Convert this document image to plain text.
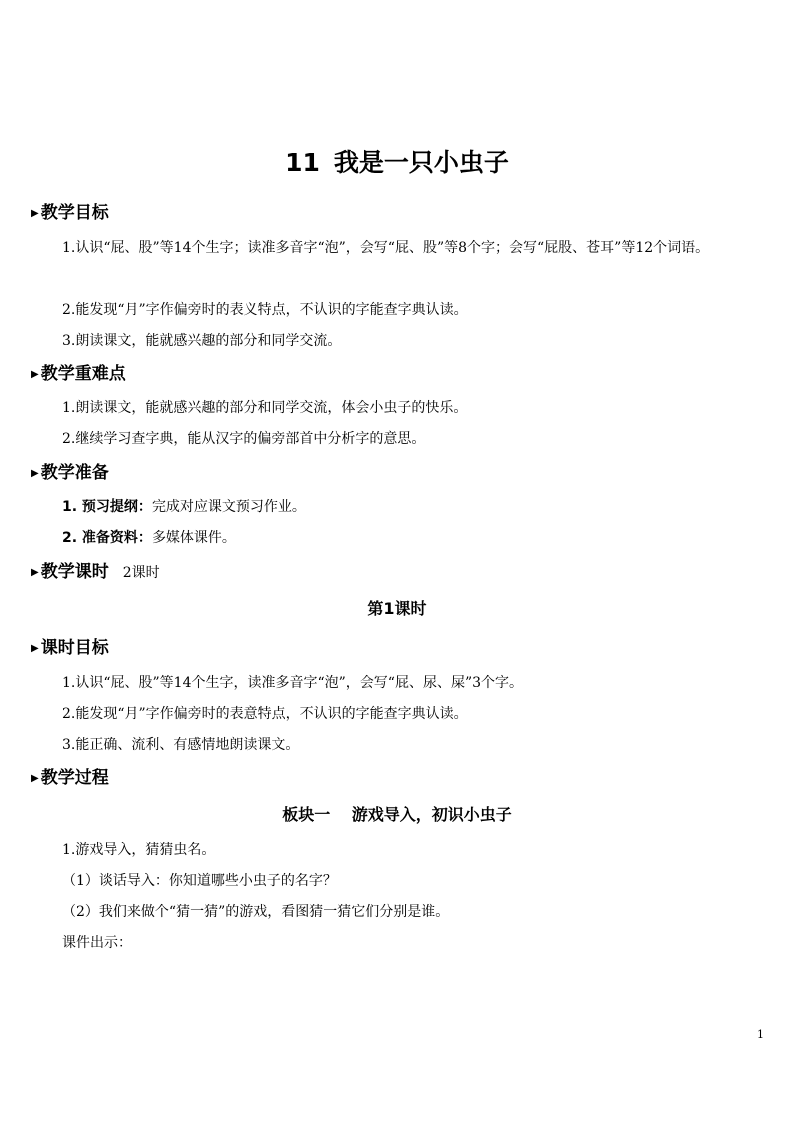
11 我是一只小虫子
▶ 教学目标
1.认识“屁、股”等14个生字；读准多音字“泡”，会写“屁、股”等8个字；会写“屁股、苍耳”等12个词语。
2.能发现“月”字作偏旁时的表义特点，不认识的字能查字典认读。
3.朗读课文，能就感兴趣的部分和同学交流。
▶ 教学重难点
1.朗读课文，能就感兴趣的部分和同学交流，体会小虫子的快乐。
2.继续学习查字典，能从汉字的偏旁部首中分析字的意思。
▶ 教学准备
1. 预习提纲：完成对应课文预习作业。
2. 准备资料：多媒体课件。
▶ 教学课时 2课时
第1课时
▶ 课时目标
1.认识“屁、股”等14个生字，读准多音字“泡”，会写“屁、尿、屎”3个字。
2.能发现“月”字作偏旁时的表意特点，不认识的字能查字典认读。
3.能正确、流利、有感情地朗读课文。
▶ 教学过程
板块一　 游戏导入，初识小虫子
1.游戏导入，猜猜虫名。
（1）谈话导入：你知道哪些小虫子的名字？
（2）我们来做个“猜一猜”的游戏，看图猜一猜它们分别是谁。
课件出示：
1
